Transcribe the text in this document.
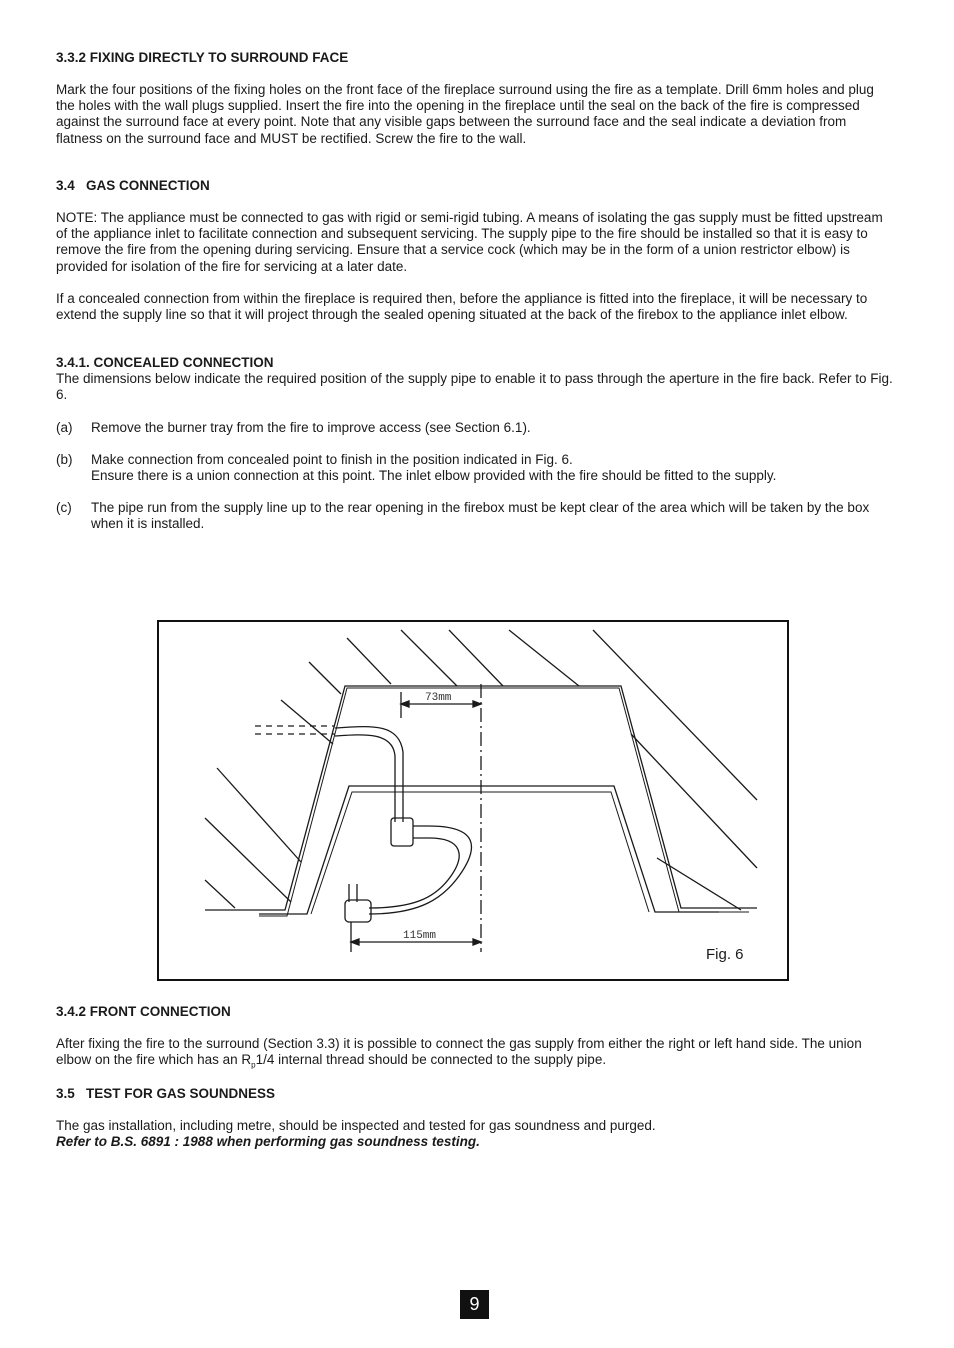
3.3.2 FIXING DIRECTLY TO SURROUND FACE
Mark the four positions of the fixing holes on the front face of the fireplace surround using the fire as a template. Drill 6mm holes and plug the holes with the wall plugs supplied. Insert the fire into the opening in the fireplace until the seal on the back of the fire is compressed against the surround face at every point. Note that any visible gaps between the surround face and the seal indicate a deviation from flatness on the surround face and MUST be rectified. Screw the fire to the wall.
3.4   GAS CONNECTION
NOTE: The appliance must be connected to gas with rigid or semi-rigid tubing. A means of isolating the gas supply must be fitted upstream of the appliance inlet to facilitate connection and subsequent servicing. The supply pipe to the fire should be installed so that it is easy to remove the fire from the opening during servicing. Ensure that a service cock (which may be in the form of a union restrictor elbow) is provided for isolation of the fire for servicing at a later date.
If a concealed connection from within the fireplace is required then, before the appliance is fitted into the fireplace, it will be necessary to extend the supply line so that it will project through the sealed opening situated at the back of the firebox to the appliance inlet elbow.
3.4.1. CONCEALED CONNECTION
The dimensions below indicate the required position of the supply pipe to enable it to pass through the aperture in the fire back. Refer to Fig. 6.
(a) Remove the burner tray from the fire to improve access (see Section 6.1).
(b) Make connection from concealed point to finish in the position indicated in Fig. 6.
Ensure there is a union connection at this point. The inlet elbow provided with the fire should be fitted to the supply.
(c) The pipe run from the supply line up to the rear opening in the firebox must be kept clear of the area which will be taken by the box when it is installed.
73mm
115mm
Fig. 6
3.4.2 FRONT CONNECTION
After fixing the fire to the surround (Section 3.3) it is possible to connect the gas supply from either the right or left hand side. The union elbow on the fire which has an $R_p1/4$ internal thread should be connected to the supply pipe.
3.5   TEST FOR GAS SOUNDNESS
The gas installation, including metre, should be inspected and tested for gas soundness and purged.
Refer to B.S. 6891 : 1988 when performing gas soundness testing.
9
